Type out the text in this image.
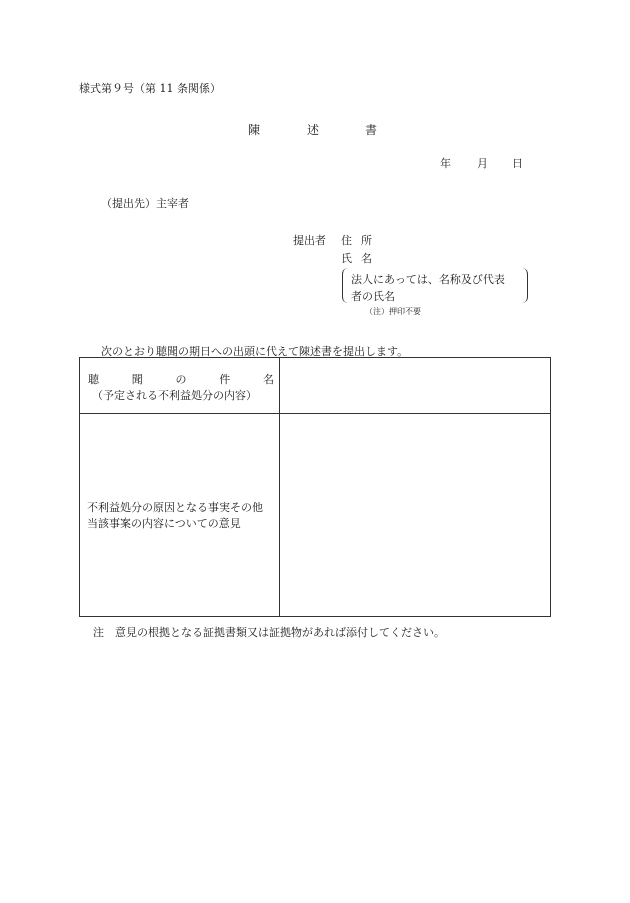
様式第９号（第 11 条関係）
陳	述	書
年 月 日
（提出先）主宰者
提出者 住所
氏名
法人にあっては、名称及び代表
者の氏名
（注）押印不要
次のとおり聴聞の期日への出頭に代えて陳述書を提出します。
聴	聞	の	件	名
（予定される不利益処分の内容）
不利益処分の原因となる事実その他
当該事案の内容についての意見
注　意見の根拠となる証拠書類又は証拠物があれば添付してください。
